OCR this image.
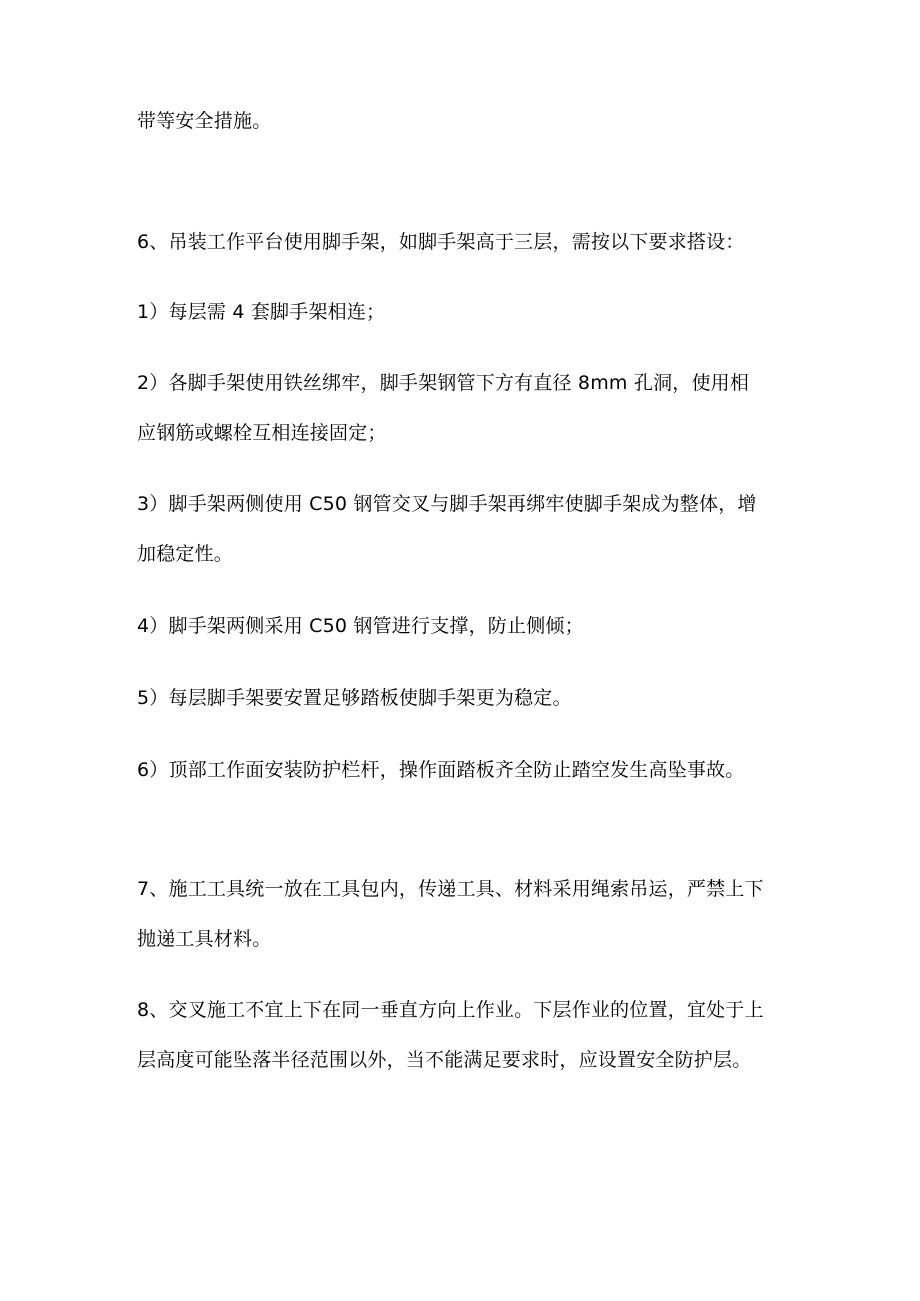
带等安全措施。

6、吊装工作平台使用脚手架，如脚手架高于三层，需按以下要求搭设：

1）每层需 4 套脚手架相连；

2）各脚手架使用铁丝绑牢，脚手架钢管下方有直径 8mm 孔洞，使用相

应钢筋或螺栓互相连接固定；

3）脚手架两侧使用 C50 钢管交叉与脚手架再绑牢使脚手架成为整体，增

加稳定性。

4）脚手架两侧采用 C50 钢管进行支撑，防止侧倾；

5）每层脚手架要安置足够踏板使脚手架更为稳定。

6）顶部工作面安装防护栏杆，操作面踏板齐全防止踏空发生高坠事故。

7、施工工具统一放在工具包内，传递工具、材料采用绳索吊运，严禁上下

抛递工具材料。

8、交叉施工不宜上下在同一垂直方向上作业。下层作业的位置，宜处于上

层高度可能坠落半径范围以外，当不能满足要求时，应设置安全防护层。
